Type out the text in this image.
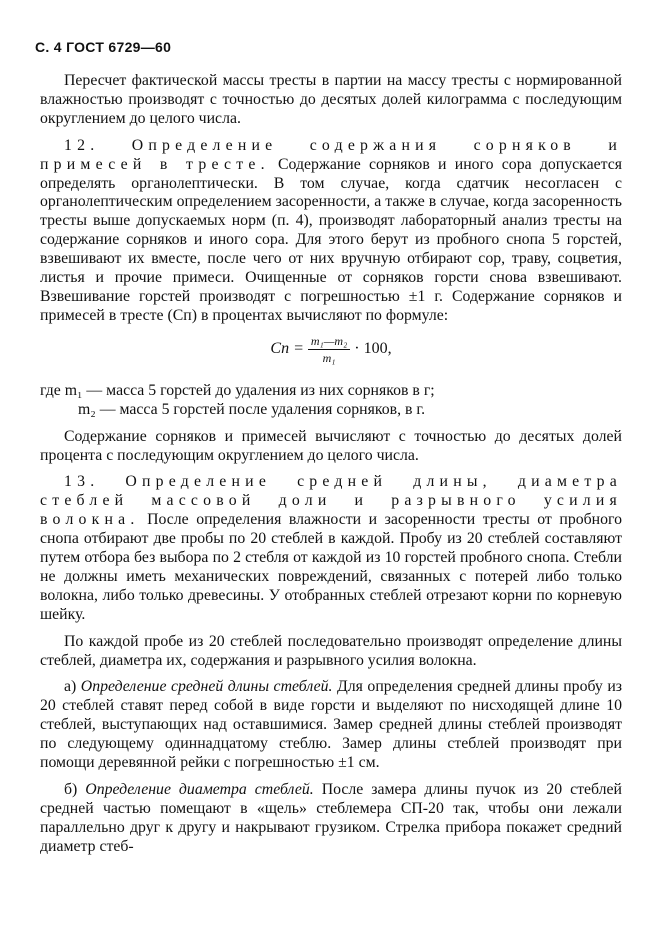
С. 4 ГОСТ 6729—60

Пересчет фактической массы тресты в партии на массу тресты с нормированной влажностью производят с точностью до десятых долей килограмма с последующим округлением до целого числа.

12. Определение содержания сорняков и примесей в тресте. Содержание сорняков и иного сора допускается определять органолептически. В том случае, когда сдатчик несогласен с органолептическим определением засоренности, а также в случае, когда засоренность тресты выше допускаемых норм (п. 4), производят лабораторный анализ тресты на содержание сорняков и иного сора. Для этого берут из пробного снопа 5 горстей, взвешивают их вместе, после чего от них вручную отбирают сор, траву, соцветия, листья и прочие примеси. Очищенные от сорняков горсти снова взвешивают. Взвешивание горстей производят с погрешностью ±1 г. Содержание сорняков и примесей в тресте (Cп) в процентах вычисляют по формуле:

Cп = $\frac{\text{m₁—m₂}}{\text{m₁}} \cdot 100$,
где m₁ — масса 5 горстей до удаления из них сорняков в г;
m₂ — масса 5 горстей после удаления сорняков, в г.

Содержание сорняков и примесей вычисляют с точностью до десятых долей процента с последующим округлением до целого числа.

13. Определение средней длины, диаметра стеблей массовой доли и разрывного усилия волокна. После определения влажности и засоренности тресты от пробного снопа отбирают две пробы по 20 стеблей в каждой. Пробу из 20 стеблей составляют путем отбора без выбора по 2 стебля от каждой из 10 горстей пробного снопа. Стебли не должны иметь механических повреждений, связанных с потерей либо только волокна, либо только древесины. У отобранных стеблей отрезают корни по корневую шейку.

По каждой пробе из 20 стеблей последовательно производят определение длины стеблей, диаметра их, содержания и разрывного усилия волокна.

а) Определение средней длины стеблей. Для определения средней длины пробу из 20 стеблей ставят перед собой в виде горсти и выделяют по нисходящей длине 10 стеблей, выступающих над оставшимися. Замер средней длины стеблей производят по следующему одиннадцатому стеблю. Замер длины стеблей производят при помощи деревянной рейки с погрешностью ±1 см.

б) Определение диаметра стеблей. После замера длины пучок из 20 стеблей средней частью помещают в «щель» стеблемера СП-20 так, чтобы они лежали параллельно друг к другу и накрывают грузиком. Стрелка прибора покажет средний диаметр стеб-
